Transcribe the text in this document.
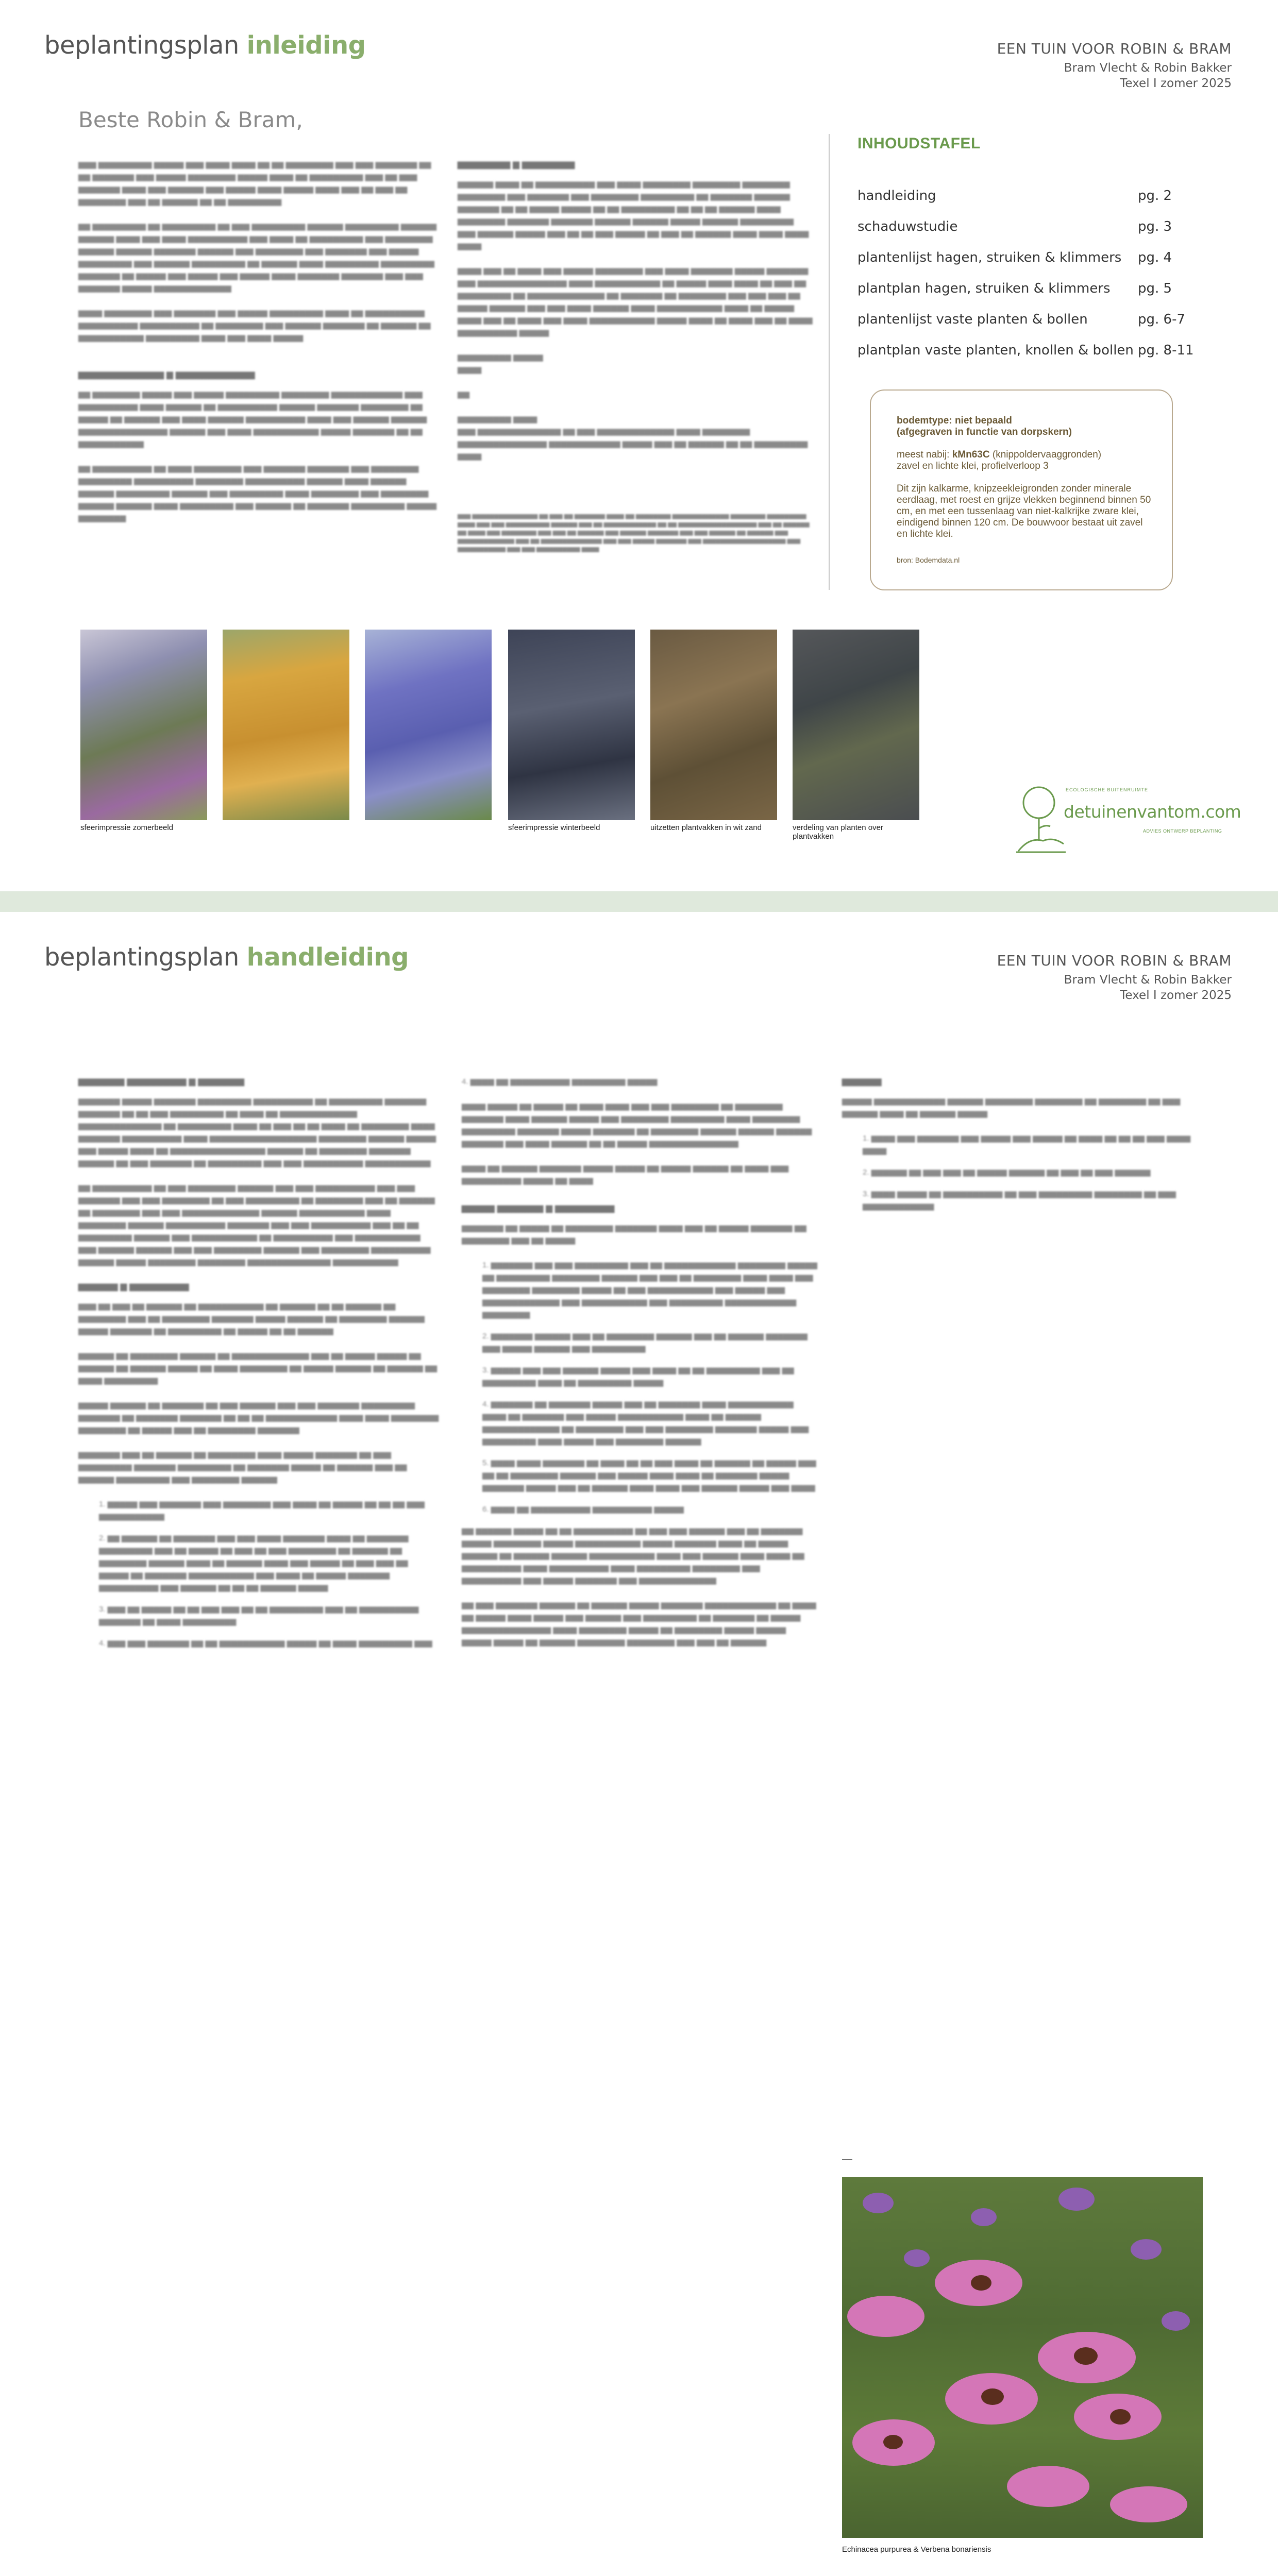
beplantingsplan inleiding	EEN TUIN VOOR ROBIN & BRAM
Bram Vlecht & Robin Bakker
Texel I zomer 2025
Beste Robin & Bram,

▆▆▆ ▆▆▆▆▆▆▆▆▆ ▆▆▆▆▆ ▆▆▆ ▆▆▆▆ ▆▆▆▆ ▆▆ ▆▆ ▆▆▆▆▆▆▆▆ ▆▆▆ ▆▆▆ ▆▆▆▆▆▆▆ ▆▆ ▆▆ ▆▆▆▆▆▆▆ ▆▆▆ ▆▆▆▆▆ ▆▆▆▆▆▆▆▆ ▆▆▆▆▆ ▆▆▆▆ ▆▆ ▆▆▆▆▆▆▆▆▆ ▆▆▆ ▆▆ ▆▆▆ ▆▆▆▆▆▆▆ ▆▆▆▆ ▆▆▆ ▆▆▆▆▆▆ ▆▆▆ ▆▆▆▆▆ ▆▆▆▆ ▆▆▆▆▆ ▆▆▆▆ ▆▆▆ ▆▆ ▆▆▆ ▆▆ ▆▆▆▆▆▆▆▆ ▆▆▆ ▆▆ ▆▆▆▆▆▆ ▆▆ ▆▆ ▆▆▆▆▆▆▆▆▆

▆▆ ▆▆▆▆▆▆▆▆▆ ▆▆ ▆▆▆▆▆▆▆▆▆ ▆▆ ▆▆▆ ▆▆▆▆▆▆▆▆▆ ▆▆▆▆▆▆ ▆▆▆▆▆▆▆▆▆ ▆▆▆▆▆▆ ▆▆▆▆▆▆ ▆▆▆▆ ▆▆▆ ▆▆▆▆ ▆▆▆▆▆▆▆▆▆▆ ▆▆▆ ▆▆▆▆ ▆▆ ▆▆▆▆▆▆▆▆▆ ▆▆▆ ▆▆▆▆▆▆▆▆ ▆▆▆▆▆▆ ▆▆▆▆▆▆ ▆▆▆▆▆▆▆ ▆▆▆▆▆▆ ▆▆▆ ▆▆▆▆▆▆▆▆ ▆▆▆ ▆▆▆▆▆▆▆ ▆▆▆ ▆▆▆▆▆ ▆▆▆▆▆▆▆▆▆ ▆▆▆ ▆▆▆▆▆▆ ▆▆▆▆▆▆▆▆▆ ▆▆ ▆▆▆▆▆▆ ▆▆▆▆ ▆▆▆▆▆▆▆▆▆ ▆▆▆▆▆▆▆▆▆ ▆▆▆▆▆▆▆ ▆▆ ▆▆▆▆▆ ▆▆▆ ▆▆▆▆▆ ▆▆▆ ▆▆▆▆▆ ▆▆▆▆ ▆▆▆▆▆▆▆ ▆▆▆▆▆▆▆ ▆▆▆ ▆▆▆ ▆▆▆▆▆▆▆ ▆▆▆▆▆ ▆▆▆▆▆▆▆▆▆▆▆▆▆

▆▆▆▆ ▆▆▆▆▆▆▆▆ ▆▆▆ ▆▆▆▆▆▆▆ ▆▆▆ ▆▆▆▆▆ ▆▆▆▆▆▆▆▆▆ ▆▆▆▆ ▆▆ ▆▆▆▆▆▆▆▆▆▆ ▆▆▆▆▆▆▆▆▆▆ ▆▆▆▆▆▆▆▆▆▆ ▆▆ ▆▆▆▆▆▆▆▆ ▆▆▆ ▆▆▆▆▆▆ ▆▆▆▆▆▆▆ ▆▆ ▆▆▆▆▆▆ ▆▆ ▆▆▆▆▆▆▆▆▆▆▆ ▆▆▆▆▆▆▆▆▆ ▆▆▆▆ ▆▆▆ ▆▆▆▆ ▆▆▆▆▆

▆▆▆▆▆▆▆▆▆▆▆▆▆ ▆ ▆▆▆▆▆▆▆▆▆▆▆▆

▆▆ ▆▆▆▆▆▆▆▆ ▆▆▆▆▆ ▆▆▆ ▆▆▆▆▆ ▆▆▆▆▆▆▆▆▆ ▆▆▆▆▆▆▆▆ ▆▆▆▆▆▆▆▆▆▆▆▆ ▆▆▆ ▆▆▆▆▆▆▆▆▆▆ ▆▆▆▆ ▆▆▆▆▆▆ ▆▆ ▆▆▆▆▆▆▆▆▆▆ ▆▆▆▆▆▆ ▆▆▆▆▆▆▆ ▆▆▆▆▆▆▆▆ ▆▆ ▆▆▆▆▆ ▆▆ ▆▆▆▆▆▆ ▆▆▆ ▆▆▆▆ ▆▆▆▆▆▆ ▆▆▆▆▆▆▆▆▆▆ ▆▆▆▆ ▆▆▆ ▆▆▆▆▆▆ ▆▆▆▆▆▆ ▆▆▆▆▆▆▆▆▆▆▆▆▆▆▆ ▆▆▆▆▆▆ ▆▆▆ ▆▆▆▆ ▆▆▆▆▆▆▆▆▆▆▆ ▆▆▆▆▆ ▆▆▆▆▆▆▆ ▆▆ ▆▆ ▆▆▆▆▆▆▆▆▆▆▆

▆▆ ▆▆▆▆▆▆▆▆▆▆ ▆▆ ▆▆▆▆ ▆▆▆▆▆▆▆▆ ▆▆▆ ▆▆▆▆▆▆▆ ▆▆▆▆▆▆▆ ▆▆▆ ▆▆▆▆▆▆▆▆ ▆▆▆▆▆▆▆▆▆ ▆▆▆▆▆▆▆▆▆▆ ▆▆▆▆▆▆▆▆ ▆▆▆▆▆▆▆▆▆▆ ▆▆▆▆▆▆ ▆▆▆▆ ▆▆▆▆▆▆ ▆▆▆▆▆▆ ▆▆▆▆▆▆▆▆▆ ▆▆▆▆▆▆ ▆▆▆ ▆▆▆▆▆▆▆▆▆ ▆▆▆▆ ▆▆▆▆▆▆▆▆ ▆▆▆ ▆▆▆▆▆▆▆▆ ▆▆▆▆▆▆ ▆▆▆▆▆▆ ▆▆▆▆ ▆▆▆▆▆▆▆▆▆ ▆▆▆ ▆▆▆▆▆▆ ▆▆ ▆▆▆▆▆▆▆ ▆▆▆▆▆▆▆▆▆ ▆▆▆▆▆ ▆▆▆▆▆▆▆▆

▆▆▆▆▆▆▆▆ ▆ ▆▆▆▆▆▆▆▆

▆▆▆▆▆▆ ▆▆▆▆ ▆▆ ▆▆▆▆▆▆▆▆▆▆ ▆▆▆ ▆▆▆▆ ▆▆▆▆▆▆▆▆ ▆▆▆▆▆▆▆▆ ▆▆▆▆▆▆▆▆ ▆▆▆▆▆▆▆▆ ▆▆▆ ▆▆▆▆▆▆▆ ▆▆▆ ▆▆▆▆▆▆▆▆ ▆▆▆▆▆▆▆▆▆ ▆▆ ▆▆▆▆▆▆▆ ▆▆▆▆▆▆ ▆▆▆▆▆▆▆ ▆▆ ▆▆ ▆▆▆▆▆ ▆▆▆▆▆ ▆▆ ▆▆ ▆▆▆▆▆▆▆▆▆ ▆▆ ▆▆ ▆▆ ▆▆▆▆▆▆ ▆▆▆▆ ▆▆▆▆▆▆▆▆ ▆▆▆▆▆▆▆ ▆▆▆▆▆▆▆ ▆▆▆▆▆▆ ▆▆▆▆▆▆ ▆▆▆▆▆ ▆▆▆▆▆▆ ▆▆▆▆▆▆▆▆▆ ▆▆▆ ▆▆▆▆▆▆ ▆▆▆▆▆ ▆▆▆ ▆▆ ▆▆ ▆▆▆ ▆▆▆▆▆ ▆▆ ▆▆▆ ▆▆ ▆▆▆▆▆▆ ▆▆▆▆ ▆▆▆▆ ▆▆▆▆ ▆▆▆▆

▆▆▆▆ ▆▆▆ ▆▆ ▆▆▆▆ ▆▆▆ ▆▆▆▆▆ ▆▆▆▆▆▆▆▆ ▆▆▆ ▆▆▆▆ ▆▆▆▆▆▆▆ ▆▆▆▆▆ ▆▆▆▆▆▆▆ ▆▆▆ ▆▆▆▆▆▆▆▆▆▆▆▆▆▆▆ ▆▆▆▆ ▆▆▆▆▆▆▆▆▆▆▆ ▆▆ ▆▆▆▆▆ ▆▆▆▆ ▆▆▆▆ ▆▆ ▆▆▆ ▆▆ ▆▆▆▆▆▆▆▆▆ ▆▆ ▆▆▆▆▆▆▆▆▆▆▆▆▆ ▆▆ ▆▆▆▆▆▆▆ ▆▆ ▆▆▆▆▆▆▆▆ ▆▆▆ ▆▆▆ ▆▆▆ ▆▆ ▆▆▆▆▆ ▆▆▆▆▆▆ ▆▆▆ ▆▆▆ ▆▆▆▆ ▆▆▆▆▆▆ ▆▆▆▆ ▆▆▆▆▆▆▆▆▆▆▆ ▆▆▆▆ ▆▆ ▆▆▆▆▆ ▆▆▆▆ ▆▆▆ ▆▆ ▆▆▆▆ ▆▆▆ ▆▆▆▆ ▆▆▆▆▆▆▆▆▆▆▆ ▆▆▆▆▆ ▆▆▆▆ ▆▆ ▆▆▆▆ ▆▆▆ ▆▆ ▆▆▆▆ ▆▆▆▆▆▆▆▆▆▆ ▆▆▆▆▆

▆▆▆▆▆▆▆▆▆ ▆▆▆▆▆
▆▆▆▆

▆▆

▆▆▆▆▆▆▆▆▆ ▆▆▆▆
▆▆▆ ▆▆▆▆▆▆▆▆▆▆▆▆▆▆ ▆▆ ▆▆▆ ▆▆▆▆▆▆▆▆▆▆▆▆▆ ▆▆▆▆ ▆▆▆▆▆▆▆▆ ▆▆▆▆▆▆▆▆▆▆▆▆▆▆▆ ▆▆▆▆▆▆▆▆▆▆▆▆ ▆▆▆▆▆ ▆▆▆ ▆▆ ▆▆▆▆▆▆ ▆▆ ▆▆ ▆▆▆▆▆▆▆▆▆ ▆▆▆▆

▆▆▆ ▆▆▆▆▆▆▆▆▆▆▆▆▆▆▆ ▆▆ ▆▆▆ ▆▆ ▆▆▆▆▆▆▆ ▆▆▆▆ ▆▆ ▆▆▆▆▆▆▆▆ ▆▆▆▆▆▆▆▆▆▆▆▆▆ ▆▆▆▆▆▆▆▆ ▆▆▆▆▆▆▆▆▆ ▆▆▆▆ ▆▆▆ ▆▆▆ ▆▆▆▆▆▆▆▆▆▆ ▆▆▆▆▆▆ ▆▆▆ ▆▆ ▆▆▆▆▆▆▆▆▆▆▆▆ ▆▆ ▆▆ ▆▆▆▆▆▆▆▆▆▆▆▆▆▆▆▆▆▆ ▆▆▆ ▆▆ ▆▆▆▆▆▆ ▆▆ ▆▆▆▆ ▆▆▆ ▆▆▆▆▆▆▆▆ ▆▆▆ ▆▆▆ ▆▆ ▆▆▆▆▆▆ ▆▆▆ ▆▆▆▆▆▆ ▆▆▆▆▆▆▆ ▆▆▆ ▆▆▆ ▆▆▆▆▆▆ ▆▆ ▆▆▆▆▆▆ ▆▆▆ ▆▆▆▆▆▆▆▆▆▆▆▆▆ ▆▆▆ ▆▆ ▆▆▆▆▆▆▆▆▆▆▆▆▆▆ ▆▆▆ ▆▆▆ ▆▆▆▆▆ ▆▆▆▆▆▆▆ ▆▆▆ ▆▆▆▆▆▆▆▆▆▆▆▆▆▆▆▆▆▆▆ ▆▆▆ ▆▆▆▆▆▆▆▆▆▆▆ ▆▆▆ ▆▆▆ ▆▆▆▆▆▆▆▆▆▆ ▆▆▆▆
INHOUDSTAFEL
handleiding	pg. 2
schaduwstudie	pg. 3
plantenlijst hagen, struiken & klimmers	pg. 4
plantplan hagen, struiken & klimmers	pg. 5
plantenlijst vaste planten & bollen	pg. 6-7
plantplan vaste planten, knollen & bollen pg. 8-11
bodemtype: niet bepaald
(afgegraven in functie van dorpskern)
meest nabij: kMn63C (knippoldervaaggronden)
zavel en lichte klei, profielverloop 3
Dit zijn kalkarme, knipzeekleigronden zonder minerale eerdlaag, met roest en grijze vlekken beginnend binnen 50 cm, en met een tussenlaag van niet-kalkrijke zware klei, eindigend binnen 120 cm. De bouwvoor bestaat uit zavel en lichte klei.
bron: Bodemdata.nl
sfeerimpressie zomerbeeld	sfeerimpressie winterbeeld	uitzetten plantvakken in wit zand	verdeling van planten over plantvakken
ECOLOGISCHE BUITENRUIMTE
detuinenvantom.com
ADVIES ONTWERP BEPLANTING
beplantingsplan handleiding	EEN TUIN VOOR ROBIN & BRAM
Bram Vlecht & Robin Bakker
Texel I zomer 2025
▆▆▆▆▆▆▆ ▆▆▆▆▆▆▆▆▆ ▆ ▆▆▆▆▆▆▆

▆▆▆▆▆▆▆ ▆▆▆▆▆ ▆▆▆▆▆▆▆ ▆▆▆▆▆▆▆▆▆ ▆▆▆▆▆▆▆▆▆▆ ▆▆ ▆▆▆▆▆▆▆▆▆ ▆▆▆▆▆▆▆ ▆▆▆▆▆▆▆ ▆▆ ▆▆ ▆▆▆ ▆▆▆▆▆▆▆▆▆ ▆▆ ▆▆▆▆ ▆▆ ▆▆▆▆▆▆▆▆▆▆▆▆▆ ▆▆▆▆▆▆▆▆▆▆▆▆▆▆ ▆▆ ▆▆▆▆▆▆▆▆▆ ▆▆▆▆ ▆▆ ▆▆▆ ▆▆ ▆▆ ▆▆▆▆ ▆▆ ▆▆▆▆▆▆▆▆ ▆▆▆▆ ▆▆▆▆▆▆▆ ▆▆▆▆▆▆▆▆▆▆ ▆▆▆▆ ▆▆▆▆▆▆▆▆▆▆▆▆▆▆▆▆▆▆ ▆▆▆▆▆▆▆▆ ▆▆▆▆▆▆ ▆▆▆▆▆ ▆▆▆ ▆▆▆▆▆ ▆▆▆▆ ▆▆ ▆▆▆▆▆▆▆▆▆▆▆▆▆▆▆▆ ▆▆▆▆▆▆ ▆▆ ▆▆▆▆▆▆▆▆ ▆▆▆▆▆▆▆ ▆▆▆▆▆▆ ▆▆ ▆▆▆ ▆▆▆▆▆▆▆ ▆▆ ▆▆▆▆▆▆▆▆▆ ▆▆▆ ▆▆▆ ▆▆▆▆▆▆▆▆▆▆ ▆▆▆▆▆▆▆▆▆▆▆

▆▆ ▆▆▆▆▆▆▆▆▆▆ ▆▆ ▆▆▆ ▆▆▆▆▆▆▆▆ ▆▆▆▆▆▆ ▆▆▆ ▆▆▆ ▆▆▆▆▆▆▆▆▆▆ ▆▆▆ ▆▆▆ ▆▆▆▆▆▆▆ ▆▆▆ ▆▆▆ ▆▆▆▆▆▆▆▆ ▆▆ ▆▆▆ ▆▆▆▆▆▆▆▆▆ ▆▆ ▆▆▆▆▆▆▆▆ ▆▆▆ ▆▆ ▆▆▆▆▆▆ ▆▆ ▆▆▆▆▆▆▆▆ ▆▆▆ ▆▆▆ ▆▆▆▆▆▆▆▆▆▆▆▆▆ ▆▆▆▆▆▆ ▆▆▆▆▆▆▆▆▆▆▆ ▆▆▆▆ ▆▆▆▆▆▆▆▆ ▆▆▆▆▆▆ ▆▆▆▆▆▆▆▆▆▆ ▆▆▆▆▆▆▆ ▆▆▆ ▆▆▆ ▆▆▆▆▆▆▆▆▆▆ ▆▆▆ ▆▆ ▆▆ ▆▆▆▆▆▆▆▆▆ ▆▆▆▆▆▆ ▆▆▆ ▆▆▆▆▆▆▆▆▆▆▆ ▆▆ ▆▆▆▆▆▆▆▆▆▆ ▆▆▆ ▆▆▆▆▆▆▆▆▆▆▆ ▆▆▆ ▆▆▆▆▆▆ ▆▆▆▆▆▆ ▆▆▆ ▆▆▆ ▆▆▆▆▆▆▆▆ ▆▆▆▆▆▆ ▆▆▆ ▆▆▆▆▆▆▆▆ ▆▆▆▆▆▆▆▆▆▆ ▆▆▆▆▆▆ ▆▆▆▆▆ ▆▆▆▆▆▆▆▆ ▆▆▆▆▆▆▆▆ ▆▆▆▆▆▆▆▆▆▆▆▆▆▆ ▆▆▆▆▆▆▆▆▆▆▆

▆▆▆▆▆▆ ▆ ▆▆▆▆▆▆▆▆▆

▆▆▆ ▆▆ ▆▆▆ ▆▆ ▆▆▆▆▆▆ ▆▆ ▆▆▆▆▆▆▆▆▆▆▆ ▆▆ ▆▆▆▆▆▆ ▆▆ ▆▆ ▆▆▆▆▆▆ ▆▆ ▆▆▆▆▆▆▆▆ ▆▆▆ ▆▆ ▆▆▆▆▆▆▆▆ ▆▆▆▆▆▆▆ ▆▆▆▆▆ ▆▆▆▆▆▆ ▆▆ ▆▆▆▆▆▆▆▆ ▆▆▆▆▆▆ ▆▆▆▆▆ ▆▆▆▆▆▆▆ ▆▆ ▆▆▆▆▆▆▆▆▆ ▆▆ ▆▆▆▆▆ ▆▆ ▆▆ ▆▆▆▆▆▆

▆▆▆▆▆▆ ▆▆ ▆▆▆▆▆▆▆▆ ▆▆▆▆▆▆ ▆▆ ▆▆▆▆▆▆▆▆▆▆▆▆▆ ▆▆▆ ▆▆ ▆▆▆▆▆ ▆▆▆▆▆ ▆▆ ▆▆▆▆▆▆ ▆▆ ▆▆▆▆▆▆ ▆▆▆▆▆ ▆▆ ▆▆▆▆ ▆▆▆▆▆▆▆▆ ▆▆ ▆▆▆▆▆ ▆▆▆▆▆▆ ▆▆ ▆▆▆▆▆▆ ▆▆ ▆▆▆▆ ▆▆▆▆▆▆▆▆▆

▆▆▆▆▆ ▆▆▆▆▆▆ ▆▆ ▆▆▆▆▆▆▆ ▆▆ ▆▆▆ ▆▆▆▆▆▆ ▆▆▆ ▆▆▆ ▆▆▆▆▆▆▆ ▆▆▆▆▆▆▆▆▆ ▆▆▆▆▆▆▆ ▆▆ ▆▆▆▆▆▆▆ ▆▆▆▆▆▆▆ ▆▆ ▆▆ ▆▆ ▆▆▆▆▆▆▆▆▆▆▆▆ ▆▆▆▆ ▆▆▆▆ ▆▆▆▆▆▆▆▆ ▆▆▆▆▆▆▆▆ ▆▆ ▆▆▆▆▆ ▆▆▆ ▆▆ ▆▆▆▆▆▆▆▆ ▆▆▆▆▆▆▆

▆▆▆▆▆▆▆ ▆▆▆ ▆▆ ▆▆▆▆▆▆ ▆▆ ▆▆▆▆▆▆▆▆ ▆▆▆▆ ▆▆▆▆▆ ▆▆▆▆▆▆▆ ▆▆ ▆▆▆ ▆▆▆▆▆▆▆▆▆ ▆▆▆▆▆▆▆ ▆▆▆▆▆▆▆▆▆ ▆▆ ▆▆▆▆▆▆▆ ▆▆▆▆▆ ▆▆ ▆▆▆▆▆▆ ▆▆▆ ▆▆ ▆▆▆▆▆▆ ▆▆▆▆▆▆▆▆▆ ▆▆▆ ▆▆▆▆▆▆▆▆ ▆▆▆▆▆▆

1. ▆▆▆▆▆ ▆▆▆ ▆▆▆▆▆▆▆ ▆▆▆ ▆▆▆▆▆▆▆▆ ▆▆▆ ▆▆▆▆ ▆▆ ▆▆▆▆▆ ▆▆ ▆▆ ▆▆ ▆▆▆ ▆▆▆▆▆▆▆▆▆▆▆
2. ▆▆ ▆▆▆▆▆▆ ▆▆ ▆▆▆▆▆▆▆ ▆▆▆ ▆▆▆ ▆▆▆▆ ▆▆▆▆▆▆▆ ▆▆▆▆ ▆▆ ▆▆▆▆▆▆▆ ▆▆▆▆▆▆▆▆▆ ▆▆▆ ▆▆ ▆▆▆▆▆ ▆▆ ▆▆▆ ▆▆ ▆▆▆ ▆▆▆▆▆▆▆▆ ▆▆ ▆▆▆▆▆▆ ▆▆ ▆▆▆▆▆▆▆▆ ▆▆▆▆▆▆ ▆▆▆▆ ▆▆ ▆▆▆▆▆▆ ▆▆▆▆ ▆▆▆ ▆▆▆▆▆ ▆▆ ▆▆▆ ▆▆▆ ▆▆ ▆▆▆▆▆ ▆▆ ▆▆▆▆▆▆▆ ▆▆▆▆▆▆▆▆▆▆▆ ▆▆▆ ▆▆▆▆ ▆▆ ▆▆▆▆▆ ▆▆▆▆▆▆▆ ▆▆▆▆▆▆▆▆▆▆ ▆▆▆ ▆▆▆▆▆▆ ▆▆ ▆▆ ▆▆ ▆▆▆▆▆▆ ▆▆▆▆▆
3. ▆▆▆ ▆▆ ▆▆▆▆▆ ▆▆ ▆▆ ▆▆▆ ▆▆▆ ▆▆ ▆▆ ▆▆▆▆▆▆▆▆▆ ▆▆▆ ▆▆ ▆▆▆▆▆▆▆▆▆▆ ▆▆▆▆▆▆▆ ▆▆ ▆▆▆▆ ▆▆▆▆▆▆▆▆▆
4. ▆▆▆ ▆▆▆ ▆▆▆▆▆▆▆ ▆▆ ▆▆ ▆▆▆▆▆▆▆▆▆▆▆ ▆▆▆▆▆ ▆▆ ▆▆▆▆ ▆▆▆▆▆▆▆▆▆ ▆▆▆

4. ▆▆▆▆ ▆▆ ▆▆▆▆▆▆▆▆▆▆ ▆▆▆▆▆▆▆▆▆ ▆▆▆▆▆

▆▆▆▆ ▆▆▆▆▆ ▆▆ ▆▆▆▆▆ ▆▆ ▆▆▆▆ ▆▆▆▆ ▆▆▆ ▆▆▆ ▆▆▆▆▆▆▆▆ ▆▆ ▆▆▆▆▆▆▆▆ ▆▆▆▆▆▆▆ ▆▆▆▆ ▆▆▆▆▆▆ ▆▆▆▆▆ ▆▆▆ ▆▆▆▆▆▆▆▆ ▆▆▆▆▆▆▆▆▆ ▆▆▆▆ ▆▆▆▆▆▆▆▆ ▆▆▆▆▆▆▆▆▆ ▆▆▆▆▆▆▆ ▆▆▆▆▆ ▆▆▆▆▆▆▆ ▆▆ ▆▆▆▆▆▆▆▆ ▆▆▆▆▆▆ ▆▆▆▆▆▆ ▆▆▆▆▆▆ ▆▆▆▆▆▆▆ ▆▆▆ ▆▆▆▆ ▆▆▆▆▆▆ ▆▆ ▆▆ ▆▆▆▆▆ ▆▆▆▆▆▆▆▆▆▆▆▆▆▆▆

▆▆▆▆ ▆▆ ▆▆▆▆▆▆ ▆▆▆▆▆▆▆ ▆▆▆▆▆ ▆▆▆▆▆ ▆▆ ▆▆▆▆▆ ▆▆▆▆▆▆ ▆▆ ▆▆▆▆ ▆▆▆ ▆▆▆▆▆▆▆▆▆▆ ▆▆▆▆▆ ▆▆ ▆▆▆▆

▆▆▆▆▆ ▆▆▆▆▆▆▆ ▆ ▆▆▆▆▆▆▆▆▆

▆▆▆▆▆▆▆ ▆▆ ▆▆▆▆▆ ▆▆ ▆▆▆▆▆▆▆▆ ▆▆▆▆▆▆▆ ▆▆▆▆ ▆▆▆ ▆▆ ▆▆▆▆▆ ▆▆▆▆▆▆▆ ▆▆ ▆▆▆▆▆▆▆▆ ▆▆▆ ▆▆ ▆▆▆▆▆

1. ▆▆▆▆▆▆▆ ▆▆▆ ▆▆▆ ▆▆▆▆▆▆▆▆▆ ▆▆▆ ▆▆ ▆▆▆▆▆▆▆▆▆▆▆▆ ▆▆▆▆▆▆▆▆ ▆▆▆▆▆ ▆▆ ▆▆▆▆▆▆▆▆▆ ▆▆▆▆▆▆▆▆ ▆▆▆▆▆▆ ▆▆▆ ▆▆▆ ▆▆ ▆▆▆▆▆▆▆▆ ▆▆▆▆ ▆▆▆▆ ▆▆▆ ▆▆▆▆▆▆▆▆ ▆▆▆▆▆▆▆▆ ▆▆▆▆▆ ▆▆ ▆▆▆ ▆▆▆▆▆▆▆▆▆▆▆ ▆▆▆ ▆▆▆▆▆ ▆▆▆ ▆▆▆▆▆▆▆▆▆▆▆▆▆ ▆▆▆ ▆▆▆▆▆▆▆▆▆▆▆ ▆▆▆ ▆▆▆▆▆▆▆▆▆ ▆▆▆▆▆▆▆▆▆▆▆▆ ▆▆▆▆▆▆▆▆
2. ▆▆▆▆▆▆▆ ▆▆▆▆▆▆ ▆▆▆ ▆▆ ▆▆▆▆▆▆▆▆ ▆▆▆▆▆▆ ▆▆▆ ▆▆ ▆▆▆▆▆▆ ▆▆▆▆▆▆▆ ▆▆▆ ▆▆▆▆▆ ▆▆▆▆▆▆ ▆▆▆ ▆▆▆▆▆▆▆▆▆
3. ▆▆▆▆▆ ▆▆▆ ▆▆▆ ▆▆▆▆▆▆ ▆▆▆▆▆ ▆▆▆ ▆▆▆▆ ▆▆ ▆▆ ▆▆▆▆▆▆▆▆▆ ▆▆▆ ▆▆ ▆▆▆▆▆▆▆▆▆ ▆▆▆▆ ▆▆ ▆▆▆▆▆▆▆▆▆ ▆▆▆▆▆
4. ▆▆▆▆▆▆▆ ▆▆ ▆▆▆▆▆▆▆ ▆▆▆▆▆ ▆▆▆ ▆▆ ▆▆▆▆▆▆▆ ▆▆▆▆ ▆▆▆▆▆▆▆▆▆▆▆ ▆▆▆▆ ▆▆ ▆▆▆▆▆▆▆ ▆▆▆ ▆▆▆▆▆ ▆▆▆▆▆▆▆▆▆▆▆ ▆▆▆▆ ▆▆ ▆▆▆▆▆▆ ▆▆▆▆▆▆▆▆▆▆▆▆▆ ▆▆ ▆▆▆▆▆▆▆▆ ▆▆▆ ▆▆▆ ▆▆▆▆▆▆▆▆ ▆▆▆▆▆▆▆ ▆▆▆▆▆ ▆▆▆ ▆▆▆▆▆▆▆▆▆ ▆▆▆▆ ▆▆▆▆▆ ▆▆▆ ▆▆▆▆▆▆▆▆ ▆▆▆▆▆▆
5. ▆▆▆▆ ▆▆▆▆ ▆▆▆▆▆▆▆ ▆▆ ▆▆▆▆ ▆▆ ▆▆ ▆▆▆ ▆▆▆▆ ▆▆ ▆▆▆▆▆▆ ▆▆ ▆▆▆▆▆ ▆▆▆ ▆▆ ▆▆ ▆▆▆▆▆▆▆▆ ▆▆▆▆▆▆ ▆▆▆ ▆▆▆▆▆ ▆▆▆▆ ▆▆▆▆ ▆▆ ▆▆▆▆▆▆▆ ▆▆▆▆▆ ▆▆▆▆▆▆▆ ▆▆▆▆▆ ▆▆▆ ▆▆ ▆▆▆▆▆▆ ▆▆▆▆ ▆▆▆▆ ▆▆▆ ▆▆▆▆▆▆ ▆▆▆▆▆ ▆▆▆ ▆▆▆▆
6. ▆▆▆▆ ▆▆ ▆▆▆▆▆▆▆▆▆▆ ▆▆▆▆▆▆▆▆▆▆ ▆▆▆▆▆

▆▆ ▆▆▆▆▆▆ ▆▆▆▆▆ ▆▆ ▆▆ ▆▆▆▆▆▆▆▆▆▆ ▆▆ ▆▆▆ ▆▆▆ ▆▆▆▆▆▆ ▆▆▆ ▆▆ ▆▆▆▆▆▆▆ ▆▆▆▆▆ ▆▆▆▆▆▆▆▆ ▆▆▆▆▆ ▆▆▆▆▆▆▆▆▆▆▆ ▆▆▆▆▆ ▆▆▆▆▆▆▆ ▆▆▆▆ ▆▆ ▆▆▆▆▆ ▆▆▆▆▆▆ ▆▆ ▆▆▆▆▆▆ ▆▆▆▆▆▆ ▆▆▆▆▆▆▆▆▆▆▆ ▆▆▆▆ ▆▆▆ ▆▆▆▆▆▆ ▆▆▆▆ ▆▆▆▆ ▆▆ ▆▆▆▆▆▆▆▆▆▆ ▆▆▆▆ ▆▆▆▆▆▆▆▆▆▆ ▆▆▆▆ ▆▆▆▆▆▆▆▆▆ ▆▆▆▆▆▆▆▆ ▆▆▆ ▆▆▆▆▆▆▆▆▆▆ ▆▆▆ ▆▆▆▆▆ ▆▆▆▆▆▆▆ ▆▆▆ ▆▆▆▆▆▆▆▆▆▆▆▆▆

▆▆ ▆▆▆ ▆▆▆▆▆▆▆ ▆▆▆▆▆▆ ▆▆ ▆▆▆▆▆▆ ▆▆▆▆▆ ▆▆▆▆▆▆▆ ▆▆▆▆▆▆▆▆▆▆▆▆ ▆▆ ▆▆▆▆ ▆▆ ▆▆▆▆▆ ▆▆▆▆ ▆▆▆▆▆ ▆▆▆ ▆▆▆▆▆▆ ▆▆▆ ▆▆▆▆▆▆▆▆▆ ▆▆ ▆▆▆▆▆▆▆ ▆▆ ▆▆▆▆▆ ▆▆▆▆▆▆▆▆▆▆▆▆▆▆▆ ▆▆▆▆ ▆▆▆▆▆▆▆▆ ▆▆▆▆▆ ▆▆ ▆▆▆▆▆▆▆▆ ▆▆▆▆▆ ▆▆▆▆▆ ▆▆▆▆▆ ▆▆▆▆▆ ▆▆ ▆▆▆▆▆▆ ▆▆▆▆▆▆▆▆ ▆▆▆▆▆▆▆▆ ▆▆▆ ▆▆▆ ▆▆ ▆▆▆▆▆▆

▆▆▆▆▆▆

▆▆▆▆▆ ▆▆▆▆▆▆▆▆▆▆▆▆ ▆▆▆▆▆▆ ▆▆▆▆▆▆▆▆ ▆▆▆▆▆▆▆▆ ▆▆ ▆▆▆▆▆▆▆▆ ▆▆ ▆▆▆ ▆▆▆▆▆▆ ▆▆▆▆ ▆▆ ▆▆▆▆▆▆ ▆▆▆▆▆

1. ▆▆▆▆ ▆▆▆ ▆▆▆▆▆▆▆ ▆▆▆ ▆▆▆▆▆ ▆▆▆ ▆▆▆▆▆ ▆▆ ▆▆▆▆ ▆▆ ▆▆ ▆▆ ▆▆▆ ▆▆▆▆ ▆▆▆▆
2. ▆▆▆▆▆▆ ▆▆ ▆▆▆ ▆▆▆ ▆▆ ▆▆▆▆▆ ▆▆▆▆▆▆ ▆▆ ▆▆▆ ▆▆ ▆▆▆ ▆▆▆▆▆▆
3. ▆▆▆▆ ▆▆▆▆▆ ▆▆ ▆▆▆▆▆▆▆▆▆▆ ▆▆ ▆▆▆ ▆▆▆▆▆▆▆▆▆ ▆▆▆▆▆▆▆▆ ▆▆ ▆▆▆ ▆▆▆▆▆▆▆▆▆▆▆▆
—
Echinacea purpurea & Verbena bonariensis
